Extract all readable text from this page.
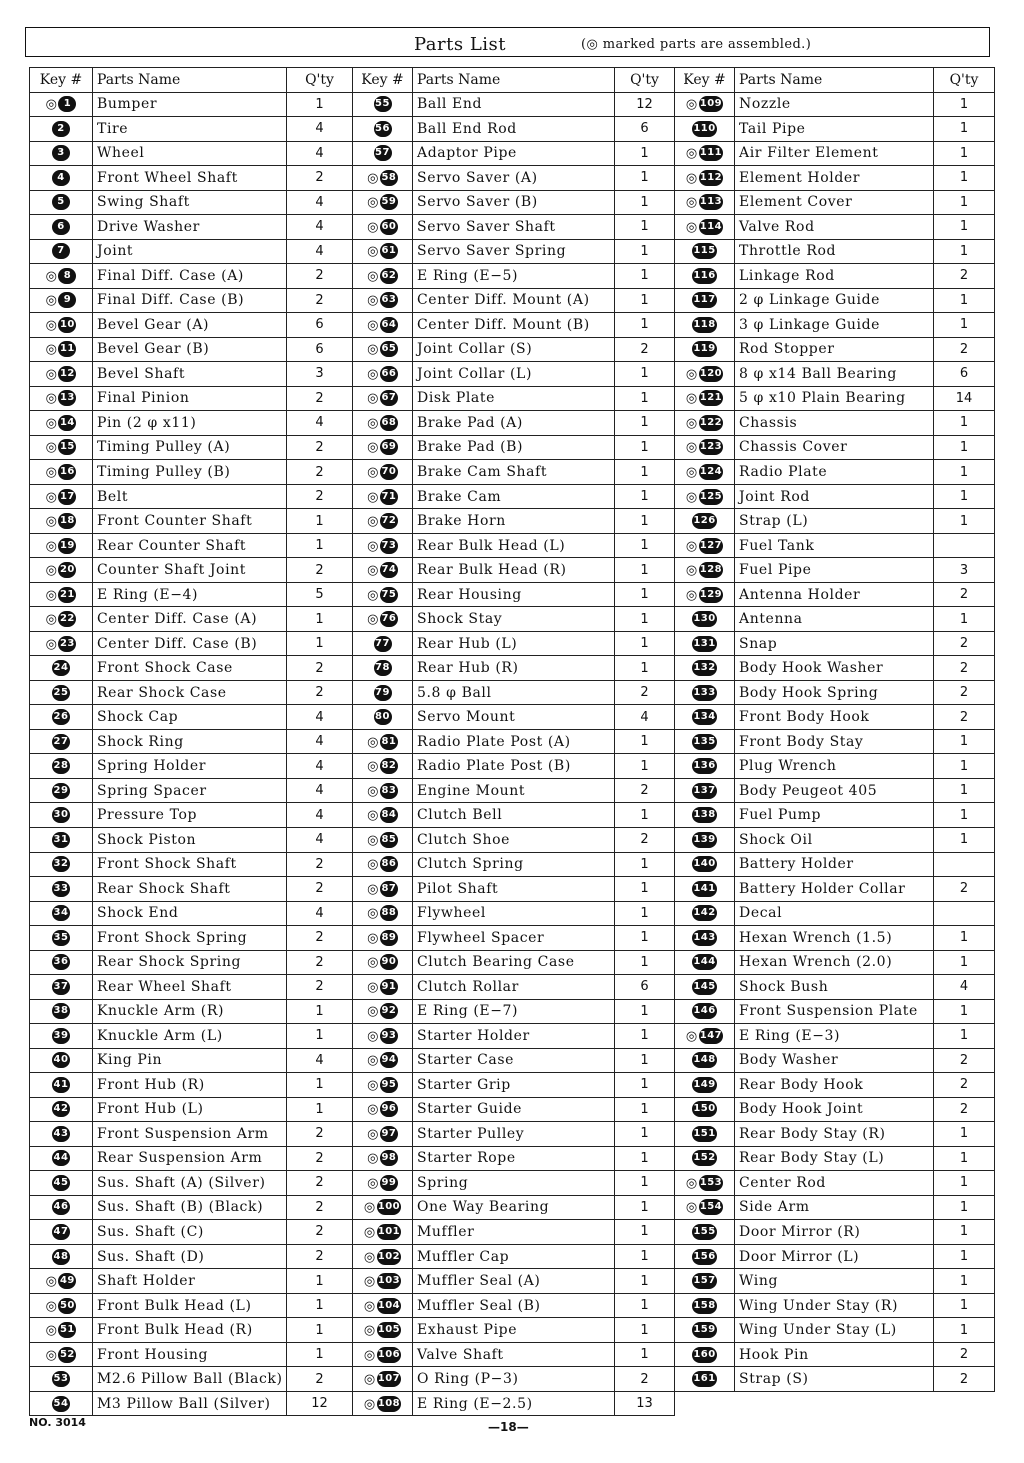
Parts List	(◎ marked parts are assembled.)
Key #	Parts Name	Q'ty
◎ 1	Bumper	1
2	Tire	4
3	Wheel	4
4	Front Wheel Shaft	2
5	Swing Shaft	4
6	Drive Washer	4
7	Joint	4
◎ 8	Final Diff. Case (A)	2
◎ 9	Final Diff. Case (B)	2
◎ 10	Bevel Gear (A)	6
◎ 11	Bevel Gear (B)	6
◎ 12	Bevel Shaft	3
◎ 13	Final Pinion	2
◎ 14	Pin (2 φ x11)	4
◎ 15	Timing Pulley (A)	2
◎ 16	Timing Pulley (B)	2
◎ 17	Belt	2
◎ 18	Front Counter Shaft	1
◎ 19	Rear Counter Shaft	1
◎ 20	Counter Shaft Joint	2
◎ 21	E Ring (E−4)	5
◎ 22	Center Diff. Case (A)	1
◎ 23	Center Diff. Case (B)	1
24	Front Shock Case	2
25	Rear Shock Case	2
26	Shock Cap	4
27	Shock Ring	4
28	Spring Holder	4
29	Spring Spacer	4
30	Pressure Top	4
31	Shock Piston	4
32	Front Shock Shaft	2
33	Rear Shock Shaft	2
34	Shock End	4
35	Front Shock Spring	2
36	Rear Shock Spring	2
37	Rear Wheel Shaft	2
38	Knuckle Arm (R)	1
39	Knuckle Arm (L)	1
40	King Pin	4
41	Front Hub (R)	1
42	Front Hub (L)	1
43	Front Suspension Arm	2
44	Rear Suspension Arm	2
45	Sus. Shaft (A) (Silver)	2
46	Sus. Shaft (B) (Black)	2
47	Sus. Shaft (C)	2
48	Sus. Shaft (D)	2
◎ 49	Shaft Holder	1
◎ 50	Front Bulk Head (L)	1
◎ 51	Front Bulk Head (R)	1
◎ 52	Front Housing	1
53	M2.6 Pillow Ball (Black)	2
54	M3 Pillow Ball (Silver)	12
Key #	Parts Name	Q'ty
55	Ball End	12
56	Ball End Rod	6
57	Adaptor Pipe	1
◎ 58	Servo Saver (A)	1
◎ 59	Servo Saver (B)	1
◎ 60	Servo Saver Shaft	1
◎ 61	Servo Saver Spring	1
◎ 62	E Ring (E−5)	1
◎ 63	Center Diff. Mount (A)	1
◎ 64	Center Diff. Mount (B)	1
◎ 65	Joint Collar (S)	2
◎ 66	Joint Collar (L)	1
◎ 67	Disk Plate	1
◎ 68	Brake Pad (A)	1
◎ 69	Brake Pad (B)	1
◎ 70	Brake Cam Shaft	1
◎ 71	Brake Cam	1
◎ 72	Brake Horn	1
◎ 73	Rear Bulk Head (L)	1
◎ 74	Rear Bulk Head (R)	1
◎ 75	Rear Housing	1
◎ 76	Shock Stay	1
77	Rear Hub (L)	1
78	Rear Hub (R)	1
79	5.8 φ Ball	2
80	Servo Mount	4
◎ 81	Radio Plate Post (A)	1
◎ 82	Radio Plate Post (B)	1
◎ 83	Engine Mount	2
◎ 84	Clutch Bell	1
◎ 85	Clutch Shoe	2
◎ 86	Clutch Spring	1
◎ 87	Pilot Shaft	1
◎ 88	Flywheel	1
◎ 89	Flywheel Spacer	1
◎ 90	Clutch Bearing Case	1
◎ 91	Clutch Rollar	6
◎ 92	E Ring (E−7)	1
◎ 93	Starter Holder	1
◎ 94	Starter Case	1
◎ 95	Starter Grip	1
◎ 96	Starter Guide	1
◎ 97	Starter Pulley	1
◎ 98	Starter Rope	1
◎ 99	Spring	1
◎ 100	One Way Bearing	1
◎ 101	Muffler	1
◎ 102	Muffler Cap	1
◎ 103	Muffler Seal (A)	1
◎ 104	Muffler Seal (B)	1
◎ 105	Exhaust Pipe	1
◎ 106	Valve Shaft	1
◎ 107	O Ring (P−3)	2
◎ 108	E Ring (E−2.5)	13
Key #	Parts Name	Q'ty
◎ 109	Nozzle	1
110	Tail Pipe	1
◎ 111	Air Filter Element	1
◎ 112	Element Holder	1
◎ 113	Element Cover	1
◎ 114	Valve Rod	1
115	Throttle Rod	1
116	Linkage Rod	2
117	2 φ Linkage Guide	1
118	3 φ Linkage Guide	1
119	Rod Stopper	2
◎ 120	8 φ x14 Ball Bearing	6
◎ 121	5 φ x10 Plain Bearing	14
◎ 122	Chassis	1
◎ 123	Chassis Cover	1
◎ 124	Radio Plate	1
◎ 125	Joint Rod	1
126	Strap (L)	1
◎ 127	Fuel Tank	
◎ 128	Fuel Pipe	3
◎ 129	Antenna Holder	2
130	Antenna	1
131	Snap	2
132	Body Hook Washer	2
133	Body Hook Spring	2
134	Front Body Hook	2
135	Front Body Stay	1
136	Plug Wrench	1
137	Body Peugeot 405	1
138	Fuel Pump	1
139	Shock Oil	1
140	Battery Holder	
141	Battery Holder Collar	2
142	Decal	
143	Hexan Wrench (1.5)	1
144	Hexan Wrench (2.0)	1
145	Shock Bush	4
146	Front Suspension Plate	1
◎ 147	E Ring (E−3)	1
148	Body Washer	2
149	Rear Body Hook	2
150	Body Hook Joint	2
151	Rear Body Stay (R)	1
152	Rear Body Stay (L)	1
◎ 153	Center Rod	1
◎ 154	Side Arm	1
155	Door Mirror (R)	1
156	Door Mirror (L)	1
157	Wing	1
158	Wing Under Stay (R)	1
159	Wing Under Stay (L)	1
160	Hook Pin	2
161	Strap (S)	2
NO. 3014	—18—
